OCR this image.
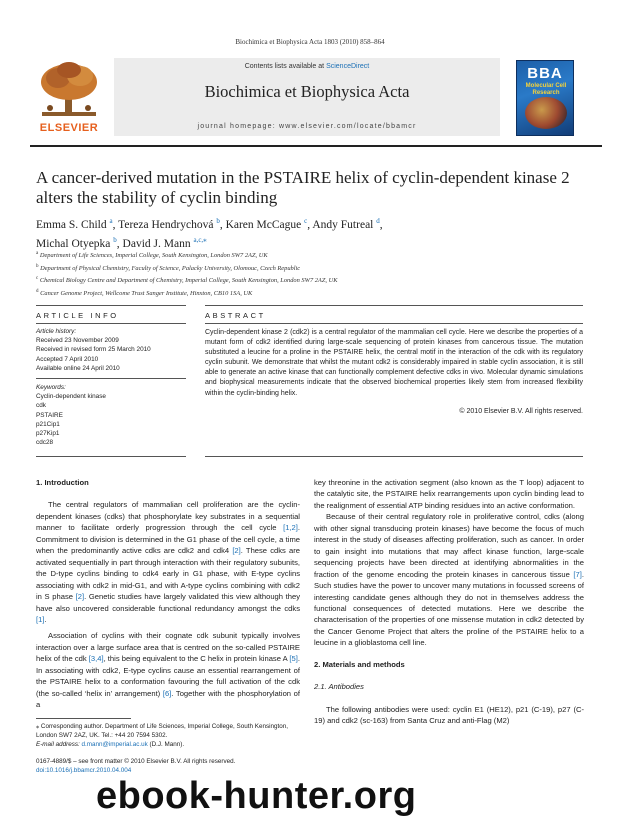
Biochimica et Biophysica Acta 1803 (2010) 858–864
ELSEVIER
Contents lists available at ScienceDirect
Biochimica et Biophysica Acta
journal homepage: www.elsevier.com/locate/bbamcr
BBA
Molecular Cell Research
A cancer-derived mutation in the PSTAIRE helix of cyclin-dependent kinase 2 alters the stability of cyclin binding
Emma S. Child $^a$, Tereza Hendrychová $^b$, Karen McCague $^c$, Andy Futreal $^d$,
Michal Otyepka $^b$, David J. Mann $^{a,c,⁎}$
$^a$ Department of Life Sciences, Imperial College, South Kensington, London SW7 2AZ, UK
$^b$ Department of Physical Chemistry, Faculty of Science, Palacky University, Olomouc, Czech Republic
$^c$ Chemical Biology Centre and Department of Chemistry, Imperial College, South Kensington, London SW7 2AZ, UK
$^d$ Cancer Genome Project, Wellcome Trust Sanger Institute, Hinxton, CB10 1SA, UK
ARTICLE INFO	ABSTRACT
Article history:
Received 23 November 2009
Received in revised form 25 March 2010
Accepted 7 April 2010
Available online 24 April 2010
Keywords:
Cyclin-dependent kinase
cdk
PSTAIRE
p21Cip1
p27Kip1
cdc28
Cyclin-dependent kinase 2 (cdk2) is a central regulator of the mammalian cell cycle. Here we describe the properties of a mutant form of cdk2 identified during large-scale sequencing of protein kinases from cancerous tissue. The mutation substituted a leucine for a proline in the PSTAIRE helix, the central motif in the interaction of the cdk with its regulatory cyclin subunit. We demonstrate that whilst the mutant cdk2 is considerably impaired in stable cyclin association, it is still able to generate an active kinase that can functionally complement defective cdks in vivo. Molecular dynamic simulations and biophysical measurements indicate that the observed biochemical properties likely stem from increased flexibility within the cyclin-binding helix.
© 2010 Elsevier B.V. All rights reserved.
1. Introduction

The central regulators of mammalian cell proliferation are the cyclin-dependent kinases (cdks) that phosphorylate key substrates in a sequential manner to facilitate orderly progression through the cell cycle [1,2]. Commitment to division is determined in the G1 phase of the cell cycle, a time when the predominantly active cdks are cdk2 and cdk4 [2]. These cdks are activated sequentially in part through interaction with their regulatory subunits, the D-type cyclins binding to cdk4 early in G1 phase, with E-type cyclins associating with cdk2 in mid-G1, and with A-type cyclins combining with cdk2 in S phase [2]. Genetic studies have largely validated this view although they have also uncovered considerable functional redundancy amongst the cdks [1].

Association of cyclins with their cognate cdk subunit typically involves interaction over a large surface area that is centred on the so-called PSTAIRE helix of the cdk [3,4], this being equivalent to the C helix in protein kinase A [5]. In associating with cdk2, E-type cyclins cause an essential rearrangement of the PSTAIRE helix to a conformation favouring the full activation of the cdk (the so-called ‘helix in’ arrangement) [6]. Together with the phosphorylation of a

key threonine in the activation segment (also known as the T loop) adjacent to the catalytic site, the PSTAIRE helix rearrangements upon cyclin binding lead to the realignment of essential ATP binding residues into an active conformation.

Because of their central regulatory role in proliferative control, cdks (along with other signal transducing protein kinases) have become the focus of much interest in the study of diseases affecting proliferation, such as cancer. In order to gain insight into mutations that may affect kinase function, large-scale sequencing projects have been directed at identifying abnormalities in the fraction of the genome encoding the protein kinases in cancerous tissue [7]. Such studies have the power to uncover many mutations in focussed screens of interesting candidate genes although they do not in themselves address the functional consequences of detected mutations. Here we describe the characterisation of the properties of one missense mutation in cdk2 detected by the Cancer Genome Project that alters the proline of the PSTAIRE helix to a leucine in a glioblastoma cell line.

2. Materials and methods
2.1. Antibodies

The following antibodies were used: cyclin E1 (HE12), p21 (C-19), p27 (C-19) and cdk2 (sc-163) from Santa Cruz and anti-Flag (M2)

⁎ Corresponding author. Department of Life Sciences, Imperial College, South Kensington, London SW7 2AZ, UK. Tel.: +44 20 7594 5302.
E-mail address: d.mann@imperial.ac.uk (D.J. Mann).
0167-4889/$ – see front matter © 2010 Elsevier B.V. All rights reserved.
doi:10.1016/j.bbamcr.2010.04.004
ebook-hunter.org
